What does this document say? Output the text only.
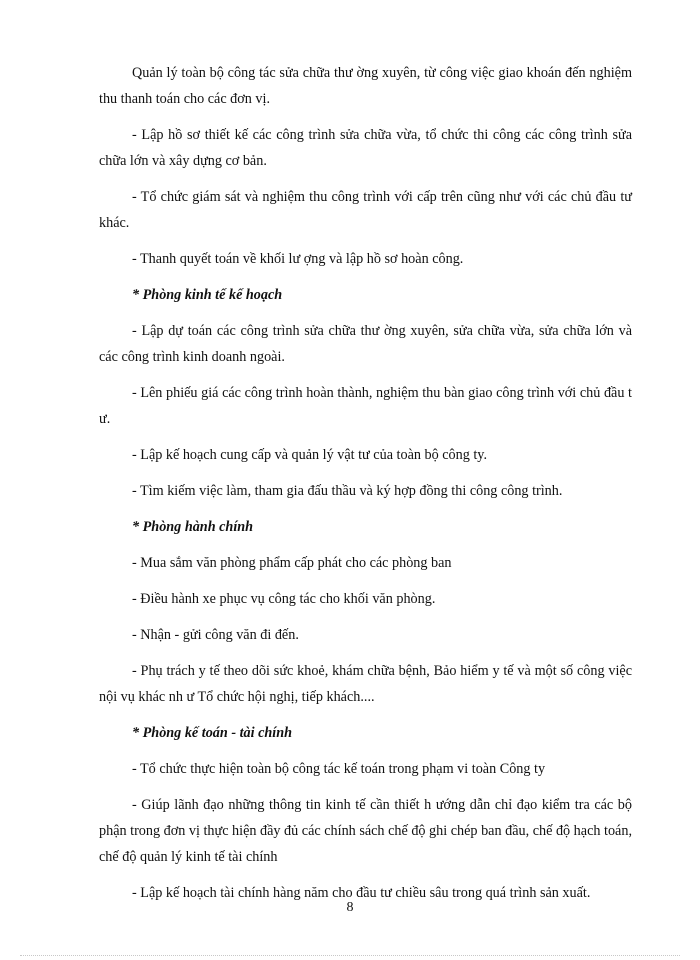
Quản lý toàn bộ công tác sửa chữa thư ờng xuyên, từ công việc giao khoán đến nghiệm thu thanh toán cho các đơn vị.

- Lập hồ sơ thiết kế các công trình sửa chữa vừa, tổ chức thi công các công trình sửa chữa lớn và xây dựng cơ bản.

- Tổ chức giám sát và nghiệm thu công trình với cấp trên cũng như với các chủ đầu tư khác.

- Thanh quyết toán về khối lư ợng và lập hồ sơ hoàn công.

* Phòng kinh tế kế hoạch

- Lập dự toán các công trình sửa chữa thư ờng xuyên, sửa chữa vừa, sửa chữa lớn và các công trình kinh doanh ngoài.

- Lên phiếu giá các công trình hoàn thành, nghiệm thu bàn giao công trình với chủ đầu t ư.

- Lập kế hoạch cung cấp và quản lý vật tư của toàn bộ công ty.

- Tìm kiếm việc làm, tham gia đấu thầu và ký hợp đồng thi công công trình.

* Phòng hành chính

- Mua sắm văn phòng phẩm cấp phát cho các phòng ban

- Điều hành xe phục vụ công tác cho khối văn phòng.

- Nhận - gửi công văn đi đến.

- Phụ trách y tế theo dõi sức khoẻ, khám chữa bệnh, Bảo hiểm y tế và một số công việc nội vụ khác nh ư Tổ chức hội nghị, tiếp khách....

* Phòng kế toán - tài chính

- Tổ chức thực hiện toàn bộ công tác kế toán trong phạm vi toàn Công ty

- Giúp lãnh đạo những thông tin kinh tế cần thiết h ướng dẫn chỉ đạo kiểm tra các bộ phận trong đơn vị thực hiện đầy đủ các chính sách chế độ ghi chép ban đầu, chế độ hạch toán, chế độ quản lý kinh tế tài chính

- Lập kế hoạch tài chính hàng năm cho đầu tư chiều sâu trong quá trình sản xuất.

8
